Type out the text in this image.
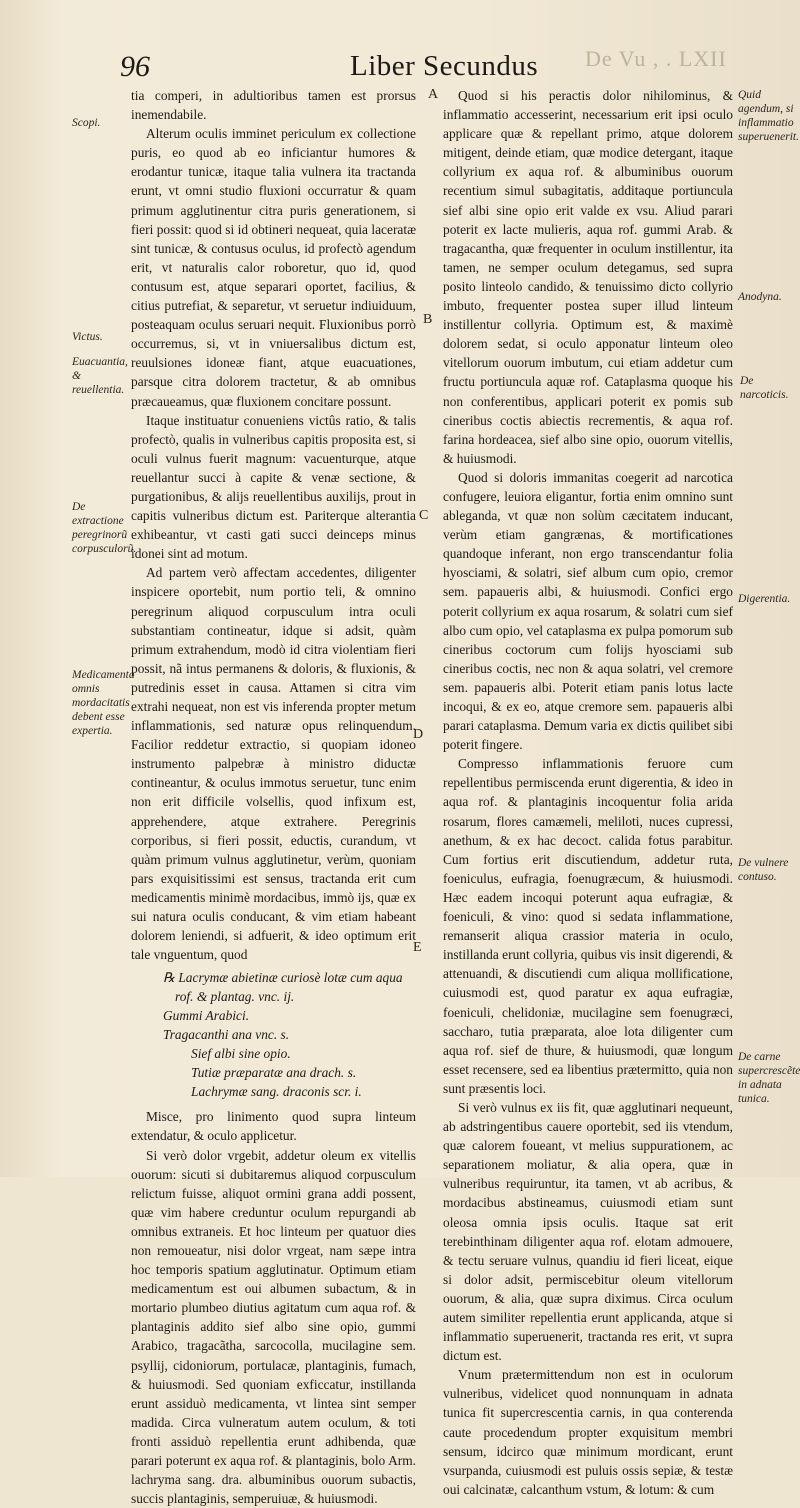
96	Liber Secundus De Vu , . LXII

tia comperi, in adultioribus tamen est prorsus inemendabile.

Alterum oculis imminet periculum ex collectione puris, eo quod ab eo inficiantur humores & erodantur tunicæ, itaque talia vulnera ita tractanda erunt, vt omni studio fluxioni occurratur & quam primum agglutinentur citra puris generationem, si fieri possit: quod si id obtineri nequeat, quia laceratæ sint tunicæ, & contusus oculus, id profectò agendum erit, vt naturalis calor roboretur, quo id, quod contusum est, atque separari oportet, facilius, & citius putrefiat, & separetur, vt seruetur indiuiduum, posteaquam oculus seruari nequit. Fluxionibus porrò occurremus, si, vt in vniuersalibus dictum est, reuulsiones idoneæ fiant, atque euacuationes, parsque citra dolorem tractetur, & ab omnibus præcaueamus, quæ fluxionem concitare possunt.

Itaque instituatur conueniens victûs ratio, & talis profectò, qualis in vulneribus capitis proposita est, si oculi vulnus fuerit magnum: vacuenturque, atque reuellantur succi à capite & venæ sectione, & purgationibus, & alijs reuellentibus auxilijs, prout in capitis vulneribus dictum est. Pariterque alterantia exhibeantur, vt casti gati succi deinceps minus idonei sint ad motum.

Ad partem verò affectam accedentes, diligenter inspicere oportebit, num portio teli, & omnino peregrinum aliquod corpusculum intra oculi substantiam contineatur, idque si adsit, quàm primum extrahendum, modò id citra violentiam fieri possit, nã intus permanens & doloris, & fluxionis, & putredinis esset in causa. Attamen si citra vim extrahi nequeat, non est vis inferenda propter metum inflammationis, sed naturæ opus relinquendum. Facilior reddetur extractio, si quopiam idoneo instrumento palpebræ à ministro diductæ contineantur, & oculus immotus seruetur, tunc enim non erit difficile volsellis, quod infixum est, apprehendere, atque extrahere. Peregrinis corporibus, si fieri possit, eductis, curandum, vt quàm primum vulnus agglutinetur, verùm, quoniam pars exquisitissimi est sensus, tractanda erit cum medicamentis minimè mordacibus, immò ijs, quæ ex sui natura oculis conducant, & vim etiam habeant dolorem leniendi, si adfuerit, & ideo optimum erit tale vnguentum, quod

℞ Lacrymæ abietinæ curiosè lotæ cum aqua
rof. & plantag. vnc. ij.
Gummi Arabici.
Tragacanthi ana vnc. s.
Sief albi sine opio.
Tutiæ præparatæ ana drach. s.
Lachrymæ sang. draconis scr. i.

Misce, pro linimento quod supra linteum extendatur, & oculo applicetur.

Si verò dolor vrgebit, addetur oleum ex vitellis ouorum: sicuti si dubitaremus aliquod corpusculum relictum fuisse, aliquot ormini grana addi possent, quæ vim habere creduntur oculum repurgandi ab omnibus extraneis. Et hoc linteum per quatuor dies non remoueatur, nisi dolor vrgeat, nam sæpe intra hoc temporis spatium agglutinatur. Optimum etiam medicamentum est oui albumen subactum, & in mortario plumbeo diutius agitatum cum aqua rof. & plantaginis addito sief albo sine opio, gummi Arabico, tragacãtha, sarcocolla, mucilagine sem. psyllij, cidoniorum, portulacæ, plantaginis, fumach, & huiusmodi. Sed quoniam exficcatur, instillanda erunt assiduò medicamenta, vt lintea sint semper madida. Circa vulneratum autem oculum, & toti fronti assiduò repellentia erunt adhibenda, quæ parari poterunt ex aqua rof. & plantaginis, bolo Arm. lachryma sang. dra. albuminibus ouorum subactis, succis plantaginis, semperuiuæ, & huiusmodi.

Quod si his peractis dolor nihilominus, & inflammatio accesserint, necessarium erit ipsi oculo applicare quæ & repellant primo, atque dolorem mitigent, deinde etiam, quæ modice detergant, itaque collyrium ex aqua rof. & albuminibus ouorum recentium simul subagitatis, additaque portiuncula sief albi sine opio erit valde ex vsu. Aliud parari poterit ex lacte mulieris, aqua rof. gummi Arab. & tragacantha, quæ frequenter in oculum instillentur, ita tamen, ne semper oculum detegamus, sed supra posito linteolo candido, & tenuissimo dicto collyrio imbuto, frequenter postea super illud linteum instillentur collyria. Optimum est, & maximè dolorem sedat, si oculo apponatur linteum oleo vitellorum ouorum imbutum, cui etiam addetur cum fructu portiuncula aquæ rof. Cataplasma quoque his non conferentibus, applicari poterit ex pomis sub cineribus coctis abiectis recrementis, & aqua rof. farina hordeacea, sief albo sine opio, ouorum vitellis, & huiusmodi.

Quod si doloris immanitas coegerit ad narcotica confugere, leuiora eligantur, fortia enim omnino sunt ableganda, vt quæ non solùm cæcitatem inducant, verùm etiam gangrænas, & mortificationes quandoque inferant, non ergo transcendantur folia hyosciami, & solatri, sief album cum opio, cremor sem. papaueris albi, & huiusmodi. Confici ergo poterit collyrium ex aqua rosarum, & solatri cum sief albo cum opio, vel cataplasma ex pulpa pomorum sub cineribus coctorum cum folijs hyosciami sub cineribus coctis, nec non & aqua solatri, vel cremore sem. papaueris albi. Poterit etiam panis lotus lacte incoqui, & ex eo, atque cremore sem. papaueris albi parari cataplasma. Demum varia ex dictis quilibet sibi poterit fingere.

Compresso inflammationis feruore cum repellentibus permiscenda erunt digerentia, & ideo in aqua rof. & plantaginis incoquentur folia arida rosarum, flores camæmeli, meliloti, nuces cupressi, anethum, & ex hac decoct. calida fotus parabitur. Cum fortius erit discutiendum, addetur ruta, foeniculus, eufragia, foenugræcum, & huiusmodi. Hæc eadem incoqui poterunt aqua eufragiæ, & foeniculi, & vino: quod si sedata inflammatione, remanserit aliqua crassior materia in oculo, instillanda erunt collyria, quibus vis insit digerendi, & attenuandi, & discutiendi cum aliqua mollificatione, cuiusmodi est, quod paratur ex aqua eufragiæ, foeniculi, chelidoniæ, mucilagine sem foenugræci, saccharo, tutia præparata, aloe lota diligenter cum aqua rof. sief de thure, & huiusmodi, quæ longum esset recensere, sed ea libentius prætermitto, quia non sunt præsentis loci.

Si verò vulnus ex iis fit, quæ agglutinari nequeunt, ab adstringentibus cauere oportebit, sed iis vtendum, quæ calorem foueant, vt melius suppurationem, ac separationem moliatur, & alia opera, quæ in vulneribus requiruntur, ita tamen, vt ab acribus, & mordacibus abstineamus, cuiusmodi etiam sunt oleosa omnia ipsis oculis. Itaque sat erit terebinthinam diligenter aqua rof. elotam admouere, & tectu seruare vulnus, quandiu id fieri liceat, eique si dolor adsit, permiscebitur oleum vitellorum ouorum, & alia, quæ supra diximus. Circa oculum autem similiter repellentia erunt applicanda, atque si inflammatio superuenerit, tractanda res erit, vt supra dictum est.

Vnum prætermittendum non est in oculorum vulneribus, videlicet quod nonnunquam in adnata tunica fit supercrescentia carnis, in qua conterenda caute procedendum propter exquisitum membri sensum, idcirco quæ minimum mordicant, erunt vsurpanda, cuiusmodi est puluis ossis sepiæ, & testæ oui calcinatæ, calcanthum vstum, & lotum: & cum

Scopi.
Victus.
Euacuantia, & reuellentia.
De extractione peregrinorũ corpusculorũ.
Medicamenta omnis mordacitatis debent esse expertia.
Quid agendum, si inflammatio superuenerit.
Anodyna.
De narcoticis.
Digerentia.
De vulnere contuso.
De carne supercrescẽte in adnata tunica.
A
B
C
D
E
